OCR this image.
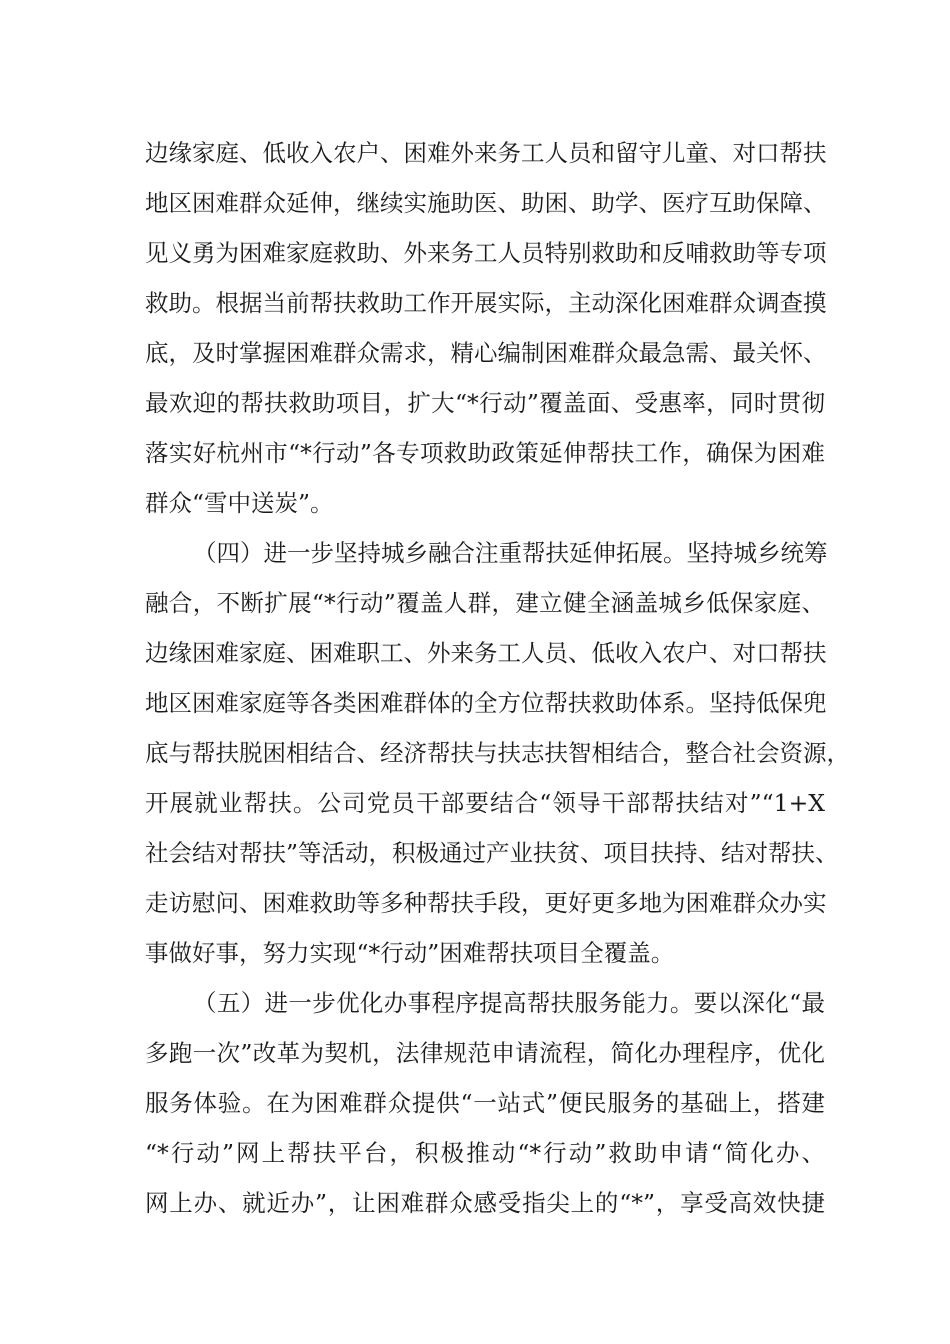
边缘家庭、低收入农户、困难外来务工人员和留守儿童、对口帮扶
地区困难群众延伸，继续实施助医、助困、助学、医疗互助保障、
见义勇为困难家庭救助、外来务工人员特别救助和反哺救助等专项
救助。根据当前帮扶救助工作开展实际，主动深化困难群众调查摸
底，及时掌握困难群众需求，精心编制困难群众最急需、最关怀、
最欢迎的帮扶救助项目，扩大“*行动”覆盖面、受惠率，同时贯彻
落实好杭州市“*行动”各专项救助政策延伸帮扶工作，确保为困难
群众“雪中送炭”。
（四）进一步坚持城乡融合注重帮扶延伸拓展。坚持城乡统筹
融合，不断扩展“*行动”覆盖人群，建立健全涵盖城乡低保家庭、
边缘困难家庭、困难职工、外来务工人员、低收入农户、对口帮扶
地区困难家庭等各类困难群体的全方位帮扶救助体系。坚持低保兜
底与帮扶脱困相结合、经济帮扶与扶志扶智相结合，整合社会资源，
开展就业帮扶。公司党员干部要结合“领导干部帮扶结对”“1+X
社会结对帮扶”等活动，积极通过产业扶贫、项目扶持、结对帮扶、
走访慰问、困难救助等多种帮扶手段，更好更多地为困难群众办实
事做好事，努力实现“*行动”困难帮扶项目全覆盖。
（五）进一步优化办事程序提高帮扶服务能力。要以深化“最
多跑一次”改革为契机，法律规范申请流程，简化办理程序，优化
服务体验。在为困难群众提供“一站式”便民服务的基础上，搭建
“*行动”网上帮扶平台，积极推动“*行动”救助申请“简化办、
网上办、就近办”，让困难群众感受指尖上的“*”，享受高效快捷
